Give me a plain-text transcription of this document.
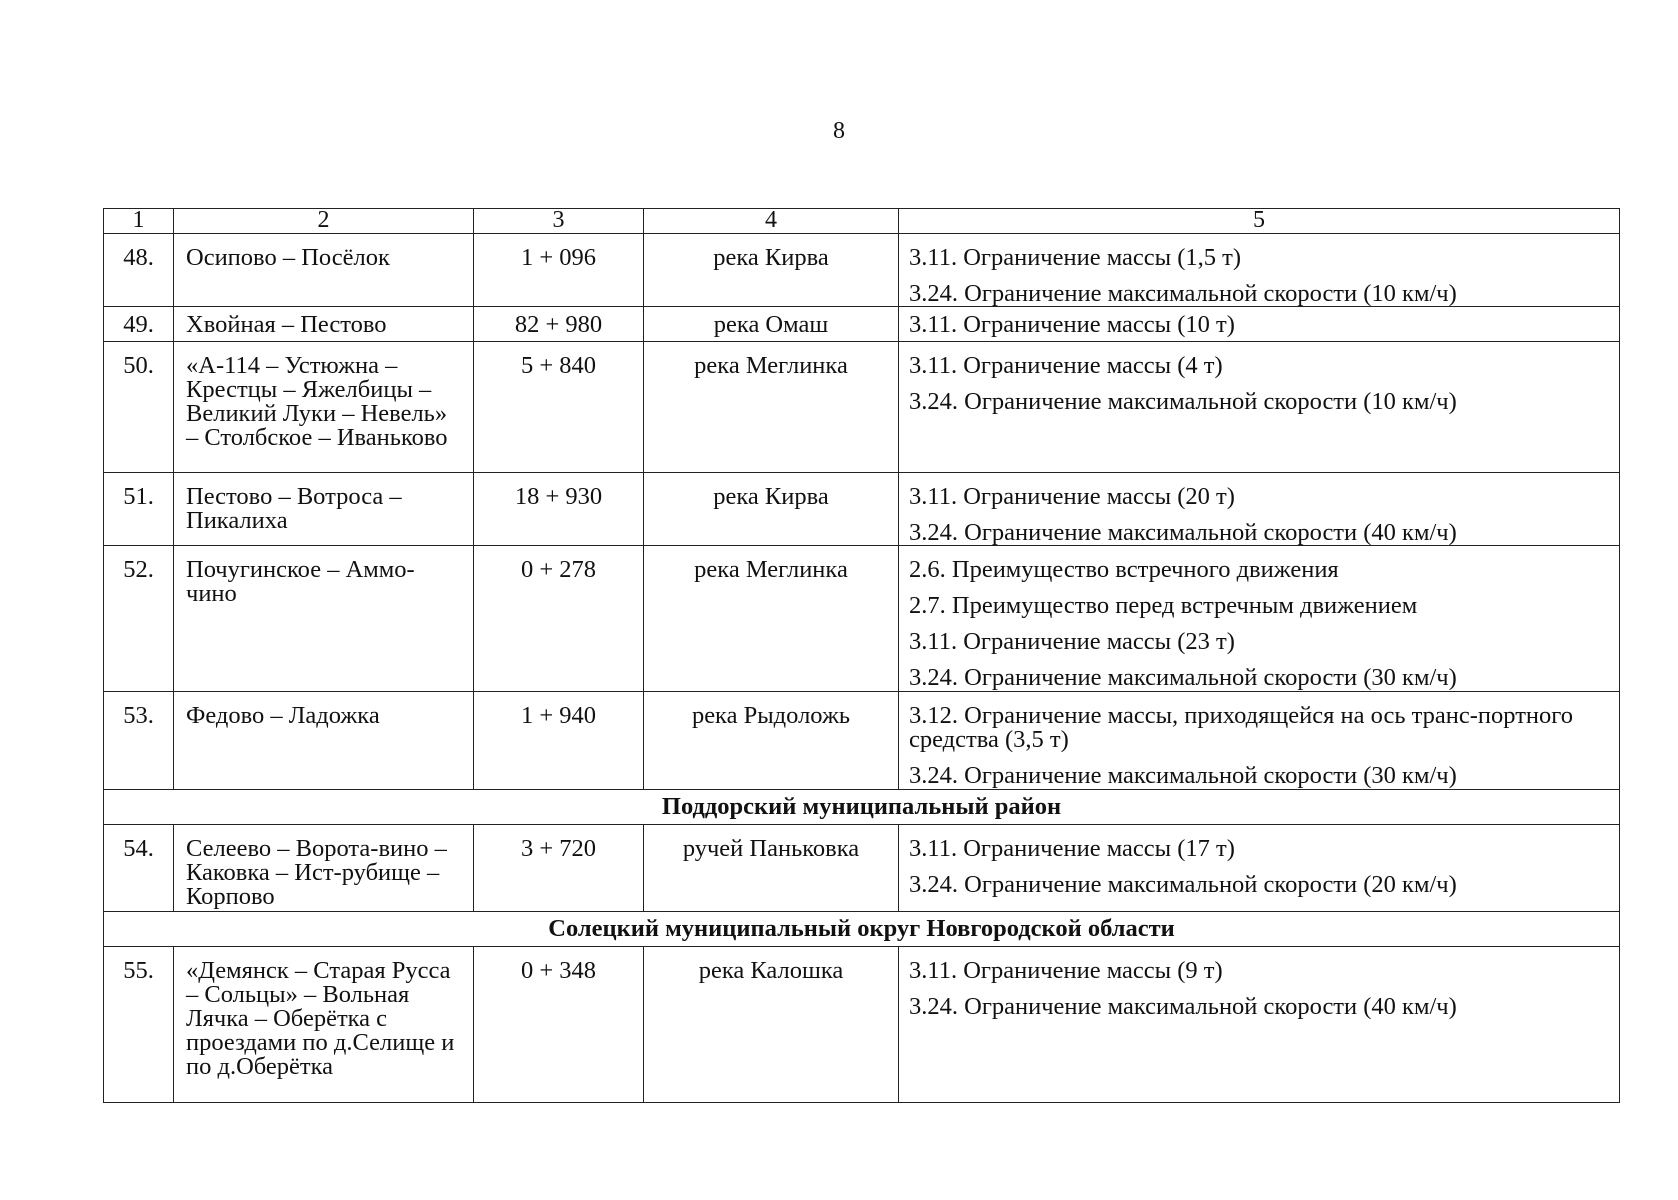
8
1	2	3	4	5
48.	Осипово – Посёлок	1 + 096	река Кирва	3.11. Ограничение массы (1,5 т)
3.24. Ограничение максимальной скорости (10 км/ч)

49.	Хвойная – Пестово	82 + 980	река Омаш	3.11. Ограничение массы (10 т)

50.	«А-114 – Устюжна – Крестцы – Яжелбицы – Великий Луки – Невель» – Столбское – Иваньково	5 + 840	река Меглинка	3.11. Ограничение массы (4 т)
3.24. Ограничение максимальной скорости (10 км/ч)

51.	Пестово – Вотроса – Пикалиха	18 + 930	река Кирва	3.11. Ограничение массы (20 т)
3.24. Ограничение максимальной скорости (40 км/ч)

52.	Почугинское – Аммо-чино	0 + 278	река Меглинка	2.6. Преимущество встречного движения
2.7. Преимущество перед встречным движением
3.11. Ограничение массы (23 т)
3.24. Ограничение максимальной скорости (30 км/ч)

53.	Федово – Ладожка	1 + 940	река Рыдоложь	3.12. Ограничение массы, приходящейся на ось транс-портного средства (3,5 т)
3.24. Ограничение максимальной скорости (30 км/ч)

Поддорский муниципальный район				
54.	Селеево – Ворота-вино – Каковка – Ист-рубище – Корпово	3 + 720	ручей Паньковка	3.11. Ограничение массы (17 т)
3.24. Ограничение максимальной скорости (20 км/ч)

Солецкий муниципальный округ Новгородской области				
55.	«Демянск – Старая Русса – Сольцы» – Вольная Лячка – Оберётка с проездами по д.Селище и по д.Оберётка	0 + 348	река Калошка	3.11. Ограничение массы (9 т)
3.24. Ограничение максимальной скорости (40 км/ч)
